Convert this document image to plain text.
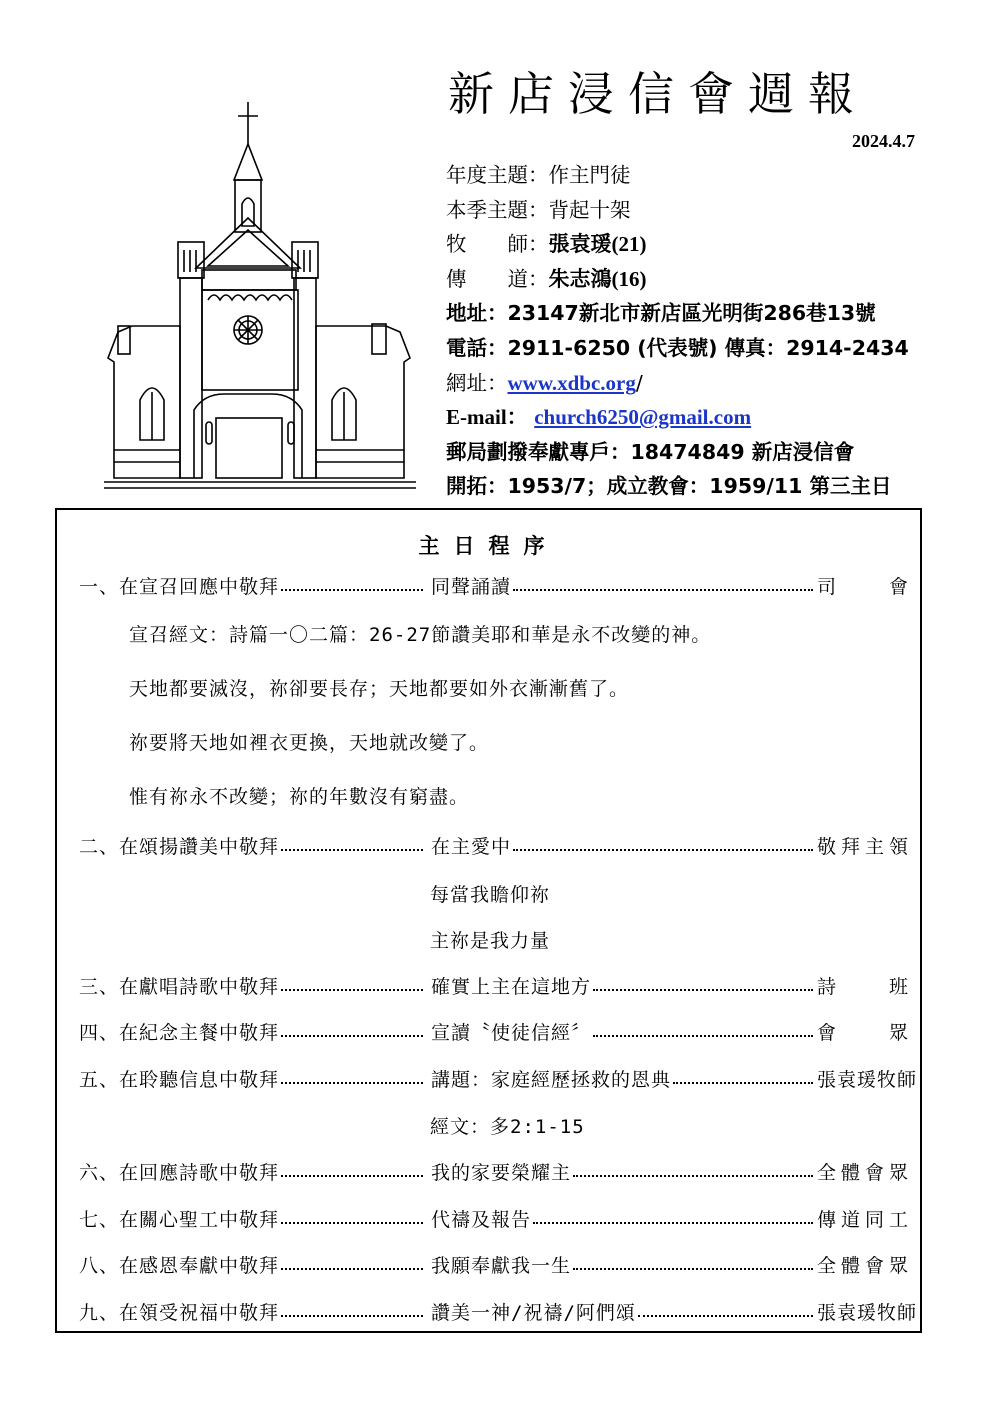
新店浸信會週報
2024.4.7
年度主題：作主門徒
本季主題：背起十架
牧　　師：張袁瑗(21)
傳　　道：朱志鴻(16)
地址：23147新北市新店區光明街286巷13號
電話：2911-6250 (代表號) 傳真：2914-2434
網址：www.xdbc.org/
E-mail： church6250@gmail.com
郵局劃撥奉獻專戶：18474849 新店浸信會
開拓：1953/7；成立教會：1959/11 第三主日
主日程序
一、在宣召回應中敬拜	同聲誦讀	司會
二、在頌揚讚美中敬拜	在主愛中	敬拜主領
三、在獻唱詩歌中敬拜	確實上主在這地方	詩班
四、在紀念主餐中敬拜	宣讀〝使徒信經〞	會眾
五、在聆聽信息中敬拜	講題：家庭經歷拯救的恩典	張袁瑗牧師
六、在回應詩歌中敬拜	我的家要榮耀主	全體會眾
七、在關心聖工中敬拜	代禱及報告	傳道同工
八、在感恩奉獻中敬拜	我願奉獻我一生	全體會眾
九、在領受祝福中敬拜	讚美一神/祝禱/阿們頌	張袁瑗牧師
宣召經文：詩篇一〇二篇：26-27節讚美耶和華是永不改變的神。
天地都要滅沒，祢卻要長存；天地都要如外衣漸漸舊了。
祢要將天地如裡衣更換，天地就改變了。
惟有祢永不改變；祢的年數沒有窮盡。
每當我瞻仰祢
主祢是我力量
經文：多2:1-15
